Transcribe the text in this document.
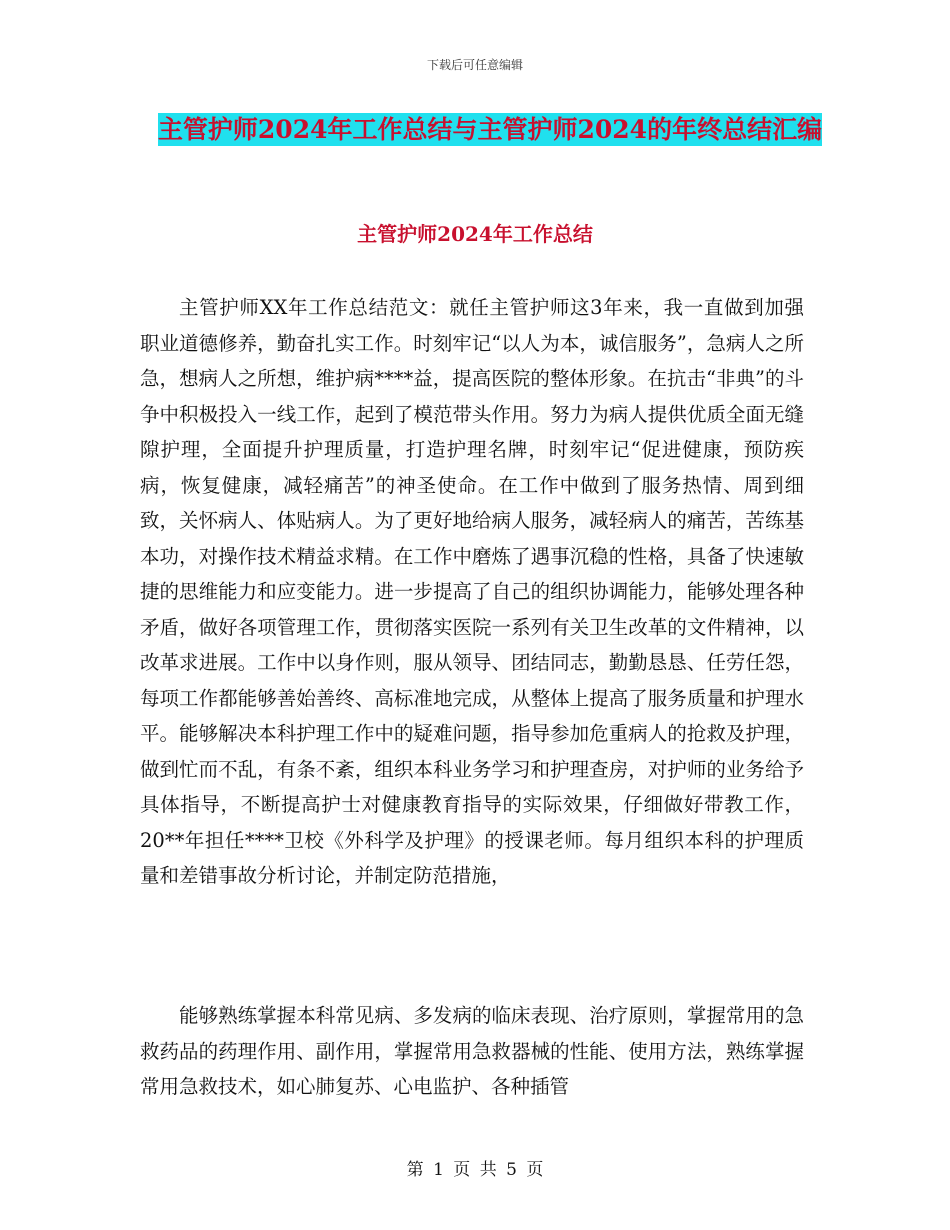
下载后可任意编辑
主管护师2024年工作总结与主管护师2024的年终总结汇编
主管护师2024年工作总结

主管护师XX年工作总结范文：就任主管护师这3年来，我一直做到加强职业道德修养，勤奋扎实工作。时刻牢记“以人为本，诚信服务”，急病人之所急，想病人之所想，维护病****益，提高医院的整体形象。在抗击“非典”的斗争中积极投入一线工作，起到了模范带头作用。努力为病人提供优质全面无缝隙护理，全面提升护理质量，打造护理名牌，时刻牢记“促进健康，预防疾病，恢复健康，减轻痛苦”的神圣使命。在工作中做到了服务热情、周到细致，关怀病人、体贴病人。为了更好地给病人服务，减轻病人的痛苦，苦练基本功，对操作技术精益求精。在工作中磨炼了遇事沉稳的性格，具备了快速敏捷的思维能力和应变能力。进一步提高了自己的组织协调能力，能够处理各种矛盾，做好各项管理工作，贯彻落实医院一系列有关卫生改革的文件精神，以改革求进展。工作中以身作则，服从领导、团结同志，勤勤恳恳、任劳任怨，每项工作都能够善始善终、高标准地完成，从整体上提高了服务质量和护理水平。能够解决本科护理工作中的疑难问题，指导参加危重病人的抢救及护理，做到忙而不乱，有条不紊，组织本科业务学习和护理查房，对护师的业务给予具体指导，不断提高护士对健康教育指导的实际效果，仔细做好带教工作，20**年担任****卫校《外科学及护理》的授课老师。每月组织本科的护理质量和差错事故分析讨论，并制定防范措施，

能够熟练掌握本科常见病、多发病的临床表现、治疗原则，掌握常用的急救药品的药理作用、副作用，掌握常用急救器械的性能、使用方法，熟练掌握常用急救技术，如心肺复苏、心电监护、各种插管

第 1 页 共 5 页
